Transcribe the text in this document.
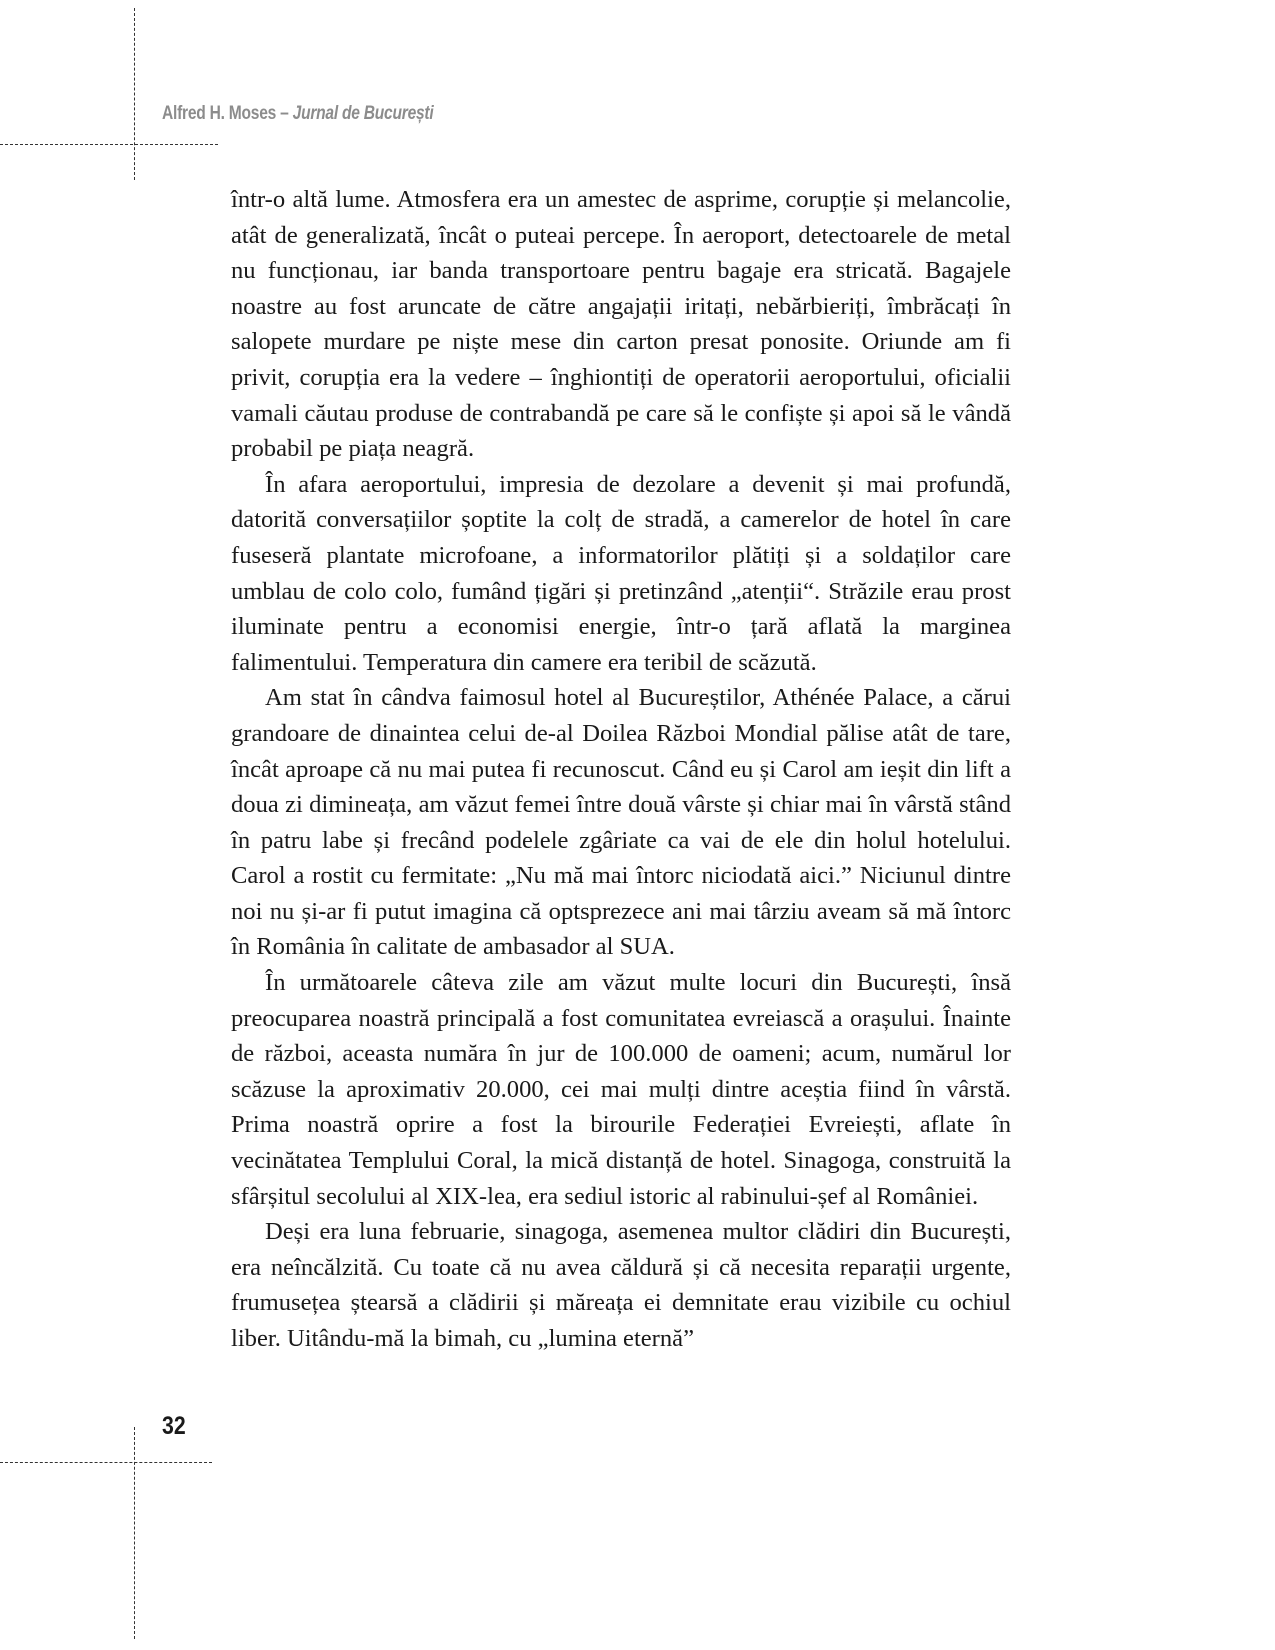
Alfred H. Moses – Jurnal de București

într-o altă lume. Atmosfera era un amestec de asprime, corupție și melancolie, atât de generalizată, încât o puteai percepe. În aeroport, detectoarele de metal nu funcționau, iar banda transportoare pentru bagaje era stricată. Bagajele noastre au fost aruncate de către angajații iritați, nebărbieriți, îmbrăcați în salopete murdare pe niște mese din carton presat ponosite. Oriunde am fi privit, corupția era la vedere – înghiontiți de operatorii aeroportului, oficialii vamali căutau produse de contrabandă pe care să le confiște și apoi să le vândă probabil pe piața neagră.

În afara aeroportului, impresia de dezolare a devenit și mai profundă, datorită conversațiilor șoptite la colț de stradă, a camerelor de hotel în care fuseseră plantate microfoane, a informatorilor plătiți și a soldaților care umblau de colo colo, fumând țigări și pretinzând „atenții“. Străzile erau prost iluminate pentru a economisi energie, într-o țară aflată la marginea falimentului. Temperatura din camere era teribil de scăzută.

Am stat în cândva faimosul hotel al Bucureștilor, Athénée Palace, a cărui grandoare de dinaintea celui de-al Doilea Război Mondial pălise atât de tare, încât aproape că nu mai putea fi recunoscut. Când eu și Carol am ieșit din lift a doua zi dimineața, am văzut femei între două vârste și chiar mai în vârstă stând în patru labe și frecând podelele zgâriate ca vai de ele din holul hotelului. Carol a rostit cu fermitate: „Nu mă mai întorc niciodată aici.” Niciunul dintre noi nu și-ar fi putut imagina că optsprezece ani mai târziu aveam să mă întorc în România în calitate de ambasador al SUA.

În următoarele câteva zile am văzut multe locuri din București, însă preocuparea noastră principală a fost comunitatea evreiască a orașului. Înainte de război, aceasta număra în jur de 100.000 de oameni; acum, numărul lor scăzuse la aproximativ 20.000, cei mai mulți dintre aceștia fiind în vârstă. Prima noastră oprire a fost la birourile Federației Evreiești, aflate în vecinătatea Templului Coral, la mică distanță de hotel. Sinagoga, construită la sfârșitul secolului al XIX-lea, era sediul istoric al rabinului-șef al României.

Deși era luna februarie, sinagoga, asemenea multor clădiri din București, era neîncălzită. Cu toate că nu avea căldură și că necesita reparații urgente, frumusețea ștearsă a clădirii și măreața ei demnitate erau vizibile cu ochiul liber. Uitându-mă la bimah, cu „lumina eternă”

32
